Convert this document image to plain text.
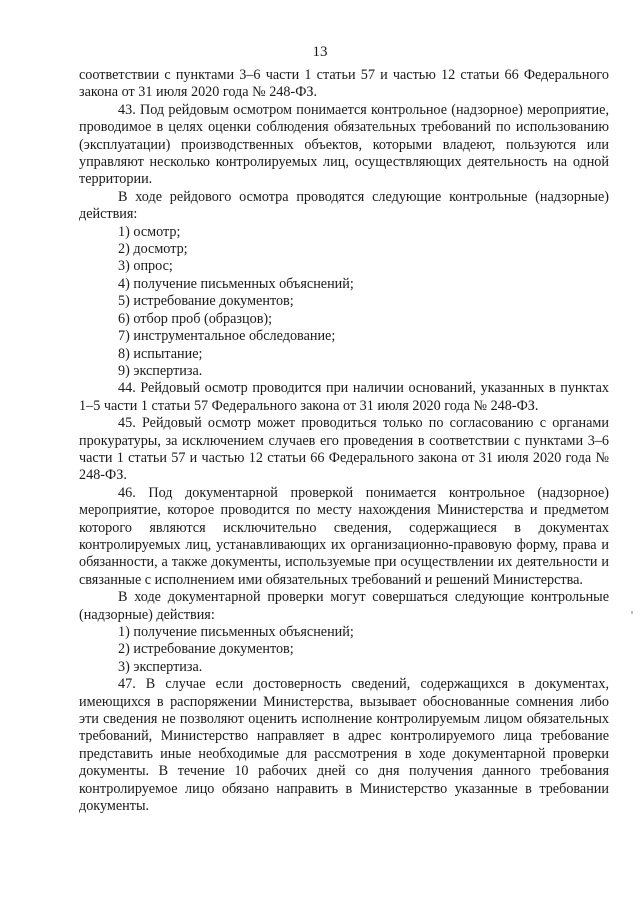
13

соответствии с пунктами 3–6 части 1 статьи 57 и частью 12 статьи 66 Федерального закона от 31 июля 2020 года № 248-ФЗ.

43. Под рейдовым осмотром понимается контрольное (надзорное) мероприятие, проводимое в целях оценки соблюдения обязательных требований по использованию (эксплуатации) производственных объектов, которыми владеют, пользуются или управляют несколько контролируемых лиц, осуществляющих деятельность на одной территории.

В ходе рейдового осмотра проводятся следующие контрольные (надзорные) действия:

1) осмотр;

2) досмотр;

3) опрос;

4) получение письменных объяснений;

5) истребование документов;

6) отбор проб (образцов);

7) инструментальное обследование;

8) испытание;

9) экспертиза.

44. Рейдовый осмотр проводится при наличии оснований, указанных в пунктах 1–5 части 1 статьи 57 Федерального закона от 31 июля 2020 года № 248-ФЗ.

45. Рейдовый осмотр может проводиться только по согласованию с органами прокуратуры, за исключением случаев его проведения в соответствии с пунктами 3–6 части 1 статьи 57 и частью 12 статьи 66 Федерального закона от 31 июля 2020 года № 248-ФЗ.

46. Под документарной проверкой понимается контрольное (надзорное) мероприятие, которое проводится по месту нахождения Министерства и предметом которого являются исключительно сведения, содержащиеся в документах контролируемых лиц, устанавливающих их организационно-правовую форму, права и обязанности, а также документы, используемые при осуществлении их деятельности и связанные с исполнением ими обязательных требований и решений Министерства.

В ходе документарной проверки могут совершаться следующие контрольные (надзорные) действия:

1) получение письменных объяснений;

2) истребование документов;

3) экспертиза.

47. В случае если достоверность сведений, содержащихся в документах, имеющихся в распоряжении Министерства, вызывает обоснованные сомнения либо эти сведения не позволяют оценить исполнение контролируемым лицом обязательных требований, Министерство направляет в адрес контролируемого лица требование представить иные необходимые для рассмотрения в ходе документарной проверки документы. В течение 10 рабочих дней со дня получения данного требования контролируемое лицо обязано направить в Министерство указанные в требовании документы.
